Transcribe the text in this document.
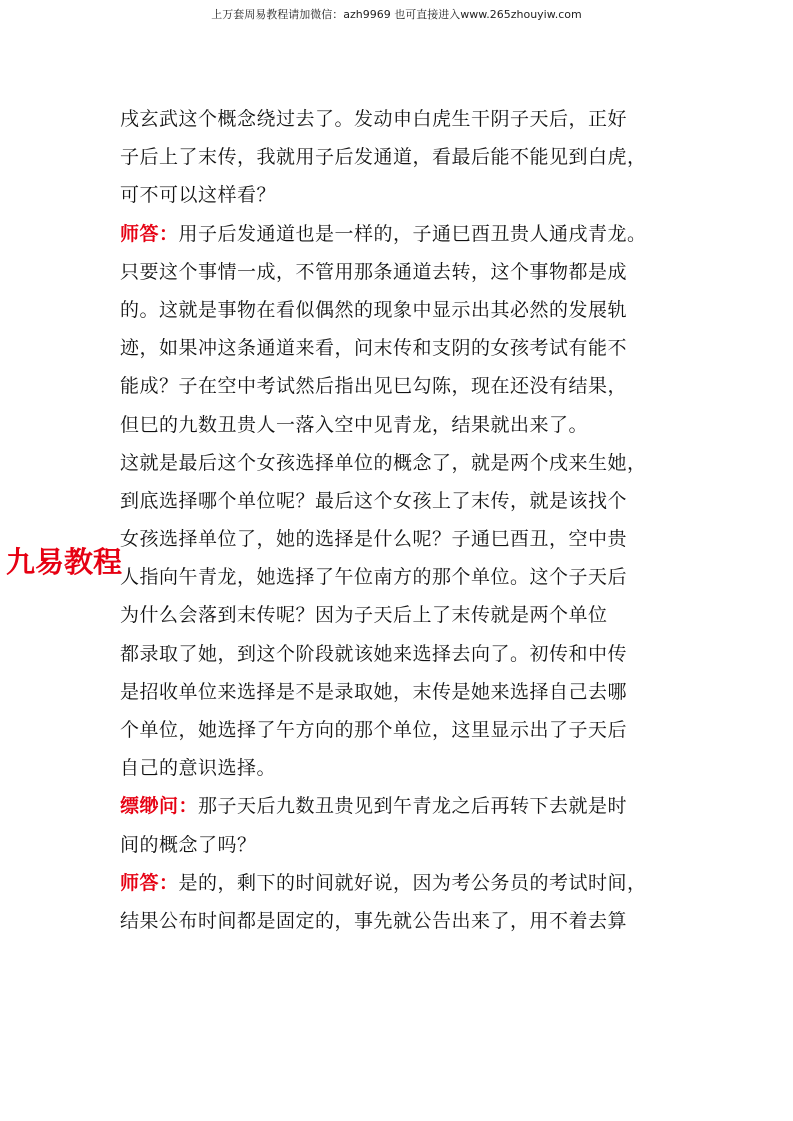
上万套周易教程请加微信：azh9969 也可直接进入www.265zhouyiw.com
戌玄武这个概念绕过去了。发动申白虎生干阴子天后，正好
子后上了末传，我就用子后发通道，看最后能不能见到白虎，
可不可以这样看？
师答：用子后发通道也是一样的，子通巳酉丑贵人通戌青龙。
只要这个事情一成，不管用那条通道去转，这个事物都是成
的。这就是事物在看似偶然的现象中显示出其必然的发展轨
迹，如果冲这条通道来看，问末传和支阴的女孩考试有能不
能成？子在空中考试然后指出见巳勾陈，现在还没有结果，
但巳的九数丑贵人一落入空中见青龙，结果就出来了。
这就是最后这个女孩选择单位的概念了，就是两个戌来生她，
到底选择哪个单位呢？最后这个女孩上了末传，就是该找个
女孩选择单位了，她的选择是什么呢？子通巳酉丑，空中贵
人指向午青龙，她选择了午位南方的那个单位。这个子天后
为什么会落到末传呢？因为子天后上了末传就是两个单位
都录取了她，到这个阶段就该她来选择去向了。初传和中传
是招收单位来选择是不是录取她，末传是她来选择自己去哪
个单位，她选择了午方向的那个单位，这里显示出了子天后
自己的意识选择。
缥缈问：那子天后九数丑贵见到午青龙之后再转下去就是时
间的概念了吗？
师答：是的，剩下的时间就好说，因为考公务员的考试时间，
结果公布时间都是固定的，事先就公告出来了，用不着去算
九易教程
